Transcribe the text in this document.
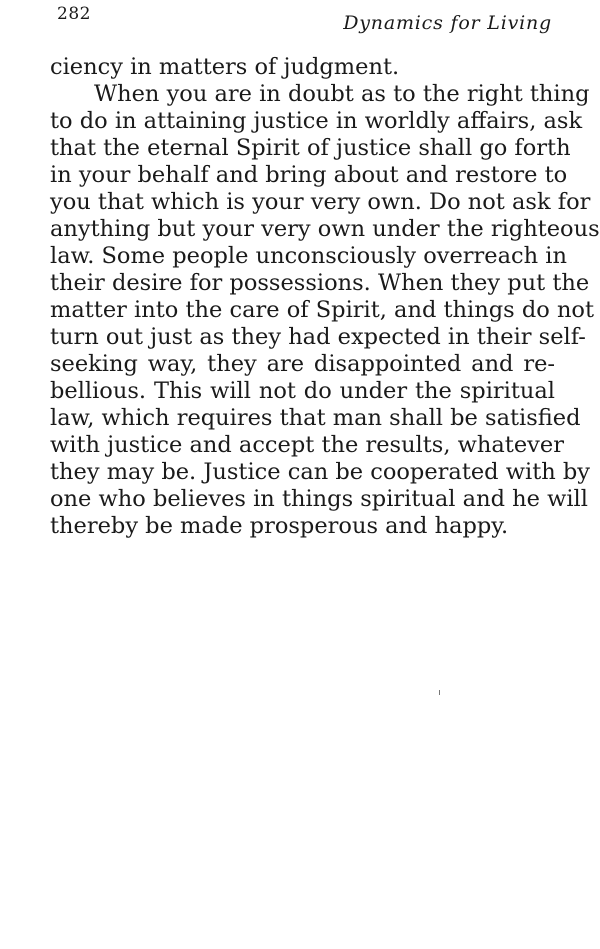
282	Dynamics for Living
ciency in matters of judgment.
When you are in doubt as to the right thing
to do in attaining justice in worldly affairs, ask
that the eternal Spirit of justice shall go forth
in your behalf and bring about and restore to
you that which is your very own. Do not ask for
anything but your very own under the righteous
law. Some people unconsciously overreach in
their desire for possessions. When they put the
matter into the care of Spirit, and things do not
turn out just as they had expected in their self-
seeking way, they are disappointed and re-
bellious. This will not do under the spiritual
law, which requires that man shall be satisfied
with justice and accept the results, whatever
they may be. Justice can be cooperated with by
one who believes in things spiritual and he will
thereby be made prosperous and happy.
